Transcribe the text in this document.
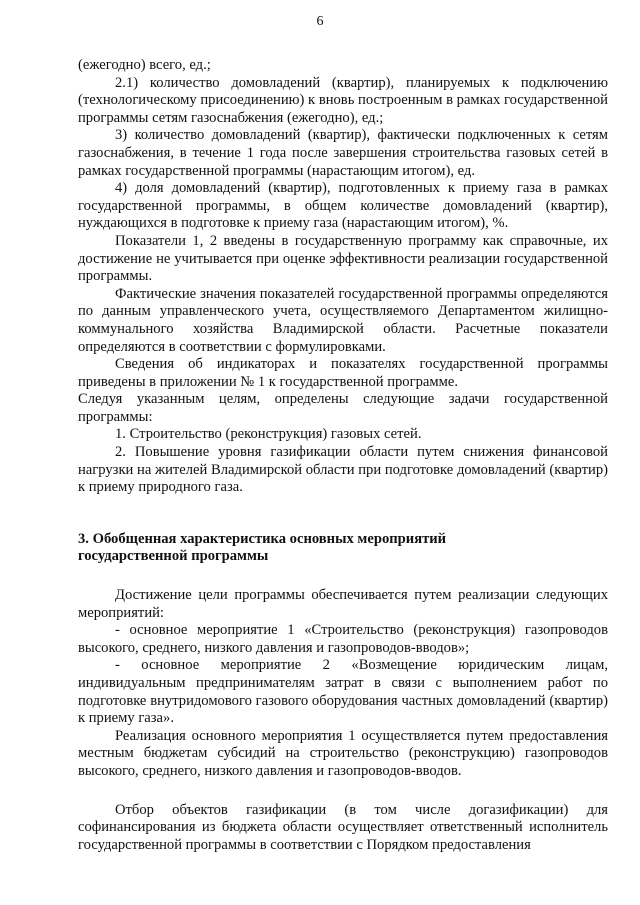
6

(ежегодно) всего, ед.;

2.1) количество домовладений (квартир), планируемых к подключению (технологическому присоединению) к вновь построенным в рамках государственной программы сетям газоснабжения (ежегодно), ед.;

3) количество домовладений (квартир), фактически подключенных к сетям газоснабжения, в течение 1 года после завершения строительства газовых сетей в рамках государственной программы (нарастающим итогом), ед.

4) доля домовладений (квартир), подготовленных к приему газа в рамках государственной программы, в общем количестве домовладений (квартир), нуждающихся в подготовке к приему газа (нарастающим итогом), %.

Показатели 1, 2 введены в государственную программу как справочные, их достижение не учитывается при оценке эффективности реализации государственной программы.

Фактические значения показателей государственной программы определяются по данным управленческого учета, осуществляемого Департаментом жилищно-коммунального хозяйства Владимирской области. Расчетные показатели определяются в соответствии с формулировками.

Сведения об индикаторах и показателях государственной программы приведены в приложении № 1 к государственной программе.

Следуя указанным целям, определены следующие задачи государственной программы:

1. Строительство (реконструкция) газовых сетей.

2. Повышение уровня газификации области путем снижения финансовой нагрузки на жителей Владимирской области при подготовке домовладений (квартир) к приему природного газа.

3. Обобщенная характеристика основных мероприятий

государственной программы

Достижение цели программы обеспечивается путем реализации следующих мероприятий:

- основное мероприятие 1 «Строительство (реконструкция) газопроводов высокого, среднего, низкого давления и газопроводов-вводов»;

- основное мероприятие 2 «Возмещение юридическим лицам, индивидуальным предпринимателям затрат в связи с выполнением работ по подготовке внутридомового газового оборудования частных домовладений (квартир) к приему газа».

Реализация основного мероприятия 1 осуществляется путем предоставления местным бюджетам субсидий на строительство (реконструкцию) газопроводов высокого, среднего, низкого давления и газопроводов-вводов.

Отбор объектов газификации (в том числе догазификации) для софинансирования из бюджета области осуществляет ответственный исполнитель государственной программы в соответствии с Порядком предоставления
